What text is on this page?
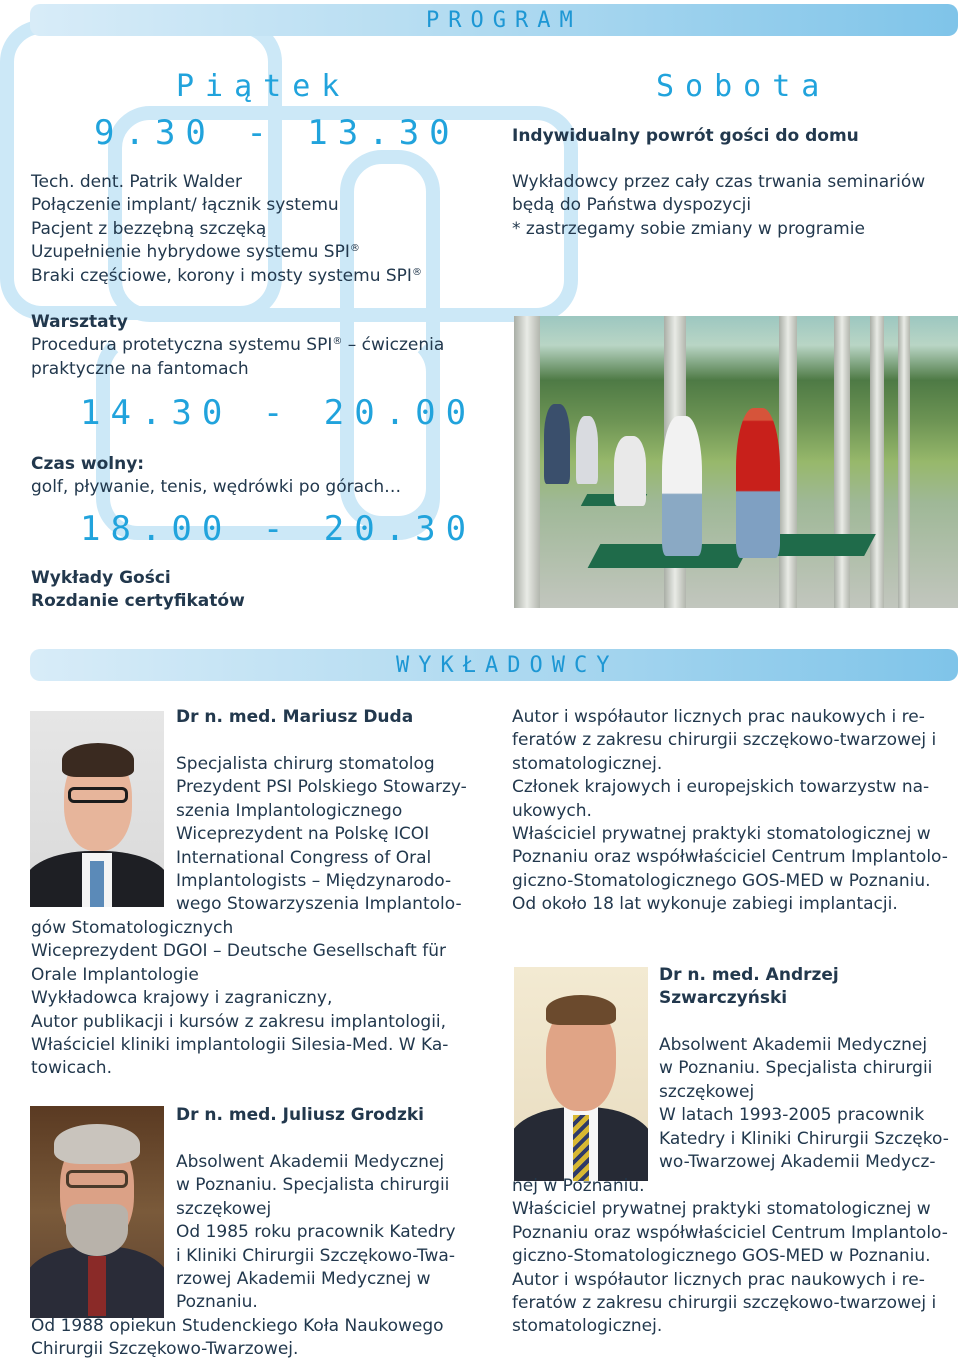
PROGRAM
Piątek
9.30 - 13.30
Tech. dent. Patrik Walder
Połączenie implant/ łącznik systemu
Pacjent z bezzębną szczęką
Uzupełnienie hybrydowe systemu SPI®
Braki częściowe, korony i mosty systemu SPI®
Warsztaty
Procedura protetyczna systemu SPI® – ćwiczenia
praktyczne na fantomach
14.30 - 20.00
Czas wolny:
golf, pływanie, tenis, wędrówki po górach…
18.00 - 20.30
Wykłady Gości
Rozdanie certyfikatów
Sobota
Indywidualny powrót gości do domu
Wykładowcy przez cały czas trwania seminariów
będą do Państwa dyspozycji
* zastrzegamy sobie zmiany w programie
WYKŁADOWCY
Dr n. med. Mariusz Duda
Specjalista chirurg stomatolog
Prezydent PSI Polskiego Stowarzy-
szenia Implantologicznego
Wiceprezydent na Polskę ICOI
International Congress of Oral
Implantologists – Międzynarodo-
wego Stowarzyszenia Implantolo-
gów Stomatologicznych
Wiceprezydent DGOI – Deutsche Gesellschaft für
Orale Implantologie
Wykładowca krajowy i zagraniczny,
Autor publikacji i kursów z zakresu implantologii,
Właściciel kliniki implantologii Silesia-Med. W Ka-
towicach.
Autor i współautor licznych prac naukowych i re-
feratów z zakresu chirurgii szczękowo-twarzowej i
stomatologicznej.
Członek krajowych i europejskich towarzystw na-
ukowych.
Właściciel prywatnej praktyki stomatologicznej w
Poznaniu oraz współwłaściciel Centrum Implantolo-
giczno-Stomatologicznego GOS-MED w Poznaniu.
Od około 18 lat wykonuje zabiegi implantacji.
Dr n. med. Andrzej
Szwarczyński
Absolwent Akademii Medycznej
w Poznaniu. Specjalista chirurgii
szczękowej
W latach 1993-2005 pracownik
Katedry i Kliniki Chirurgii Szczęko-
wo-Twarzowej Akademii Medycz-
nej w Poznaniu.
Właściciel prywatnej praktyki stomatologicznej w
Poznaniu oraz współwłaściciel Centrum Implantolo-
giczno-Stomatologicznego GOS-MED w Poznaniu.
Autor i współautor licznych prac naukowych i re-
feratów z zakresu chirurgii szczękowo-twarzowej i
stomatologicznej.
Dr n. med. Juliusz Grodzki
Absolwent Akademii Medycznej
w Poznaniu. Specjalista chirurgii
szczękowej
Od 1985 roku pracownik Katedry
i Kliniki Chirurgii Szczękowo-Twa-
rzowej Akademii Medycznej w
Poznaniu.
Od 1988 opiekun Studenckiego Koła Naukowego
Chirurgii Szczękowo-Twarzowej.
